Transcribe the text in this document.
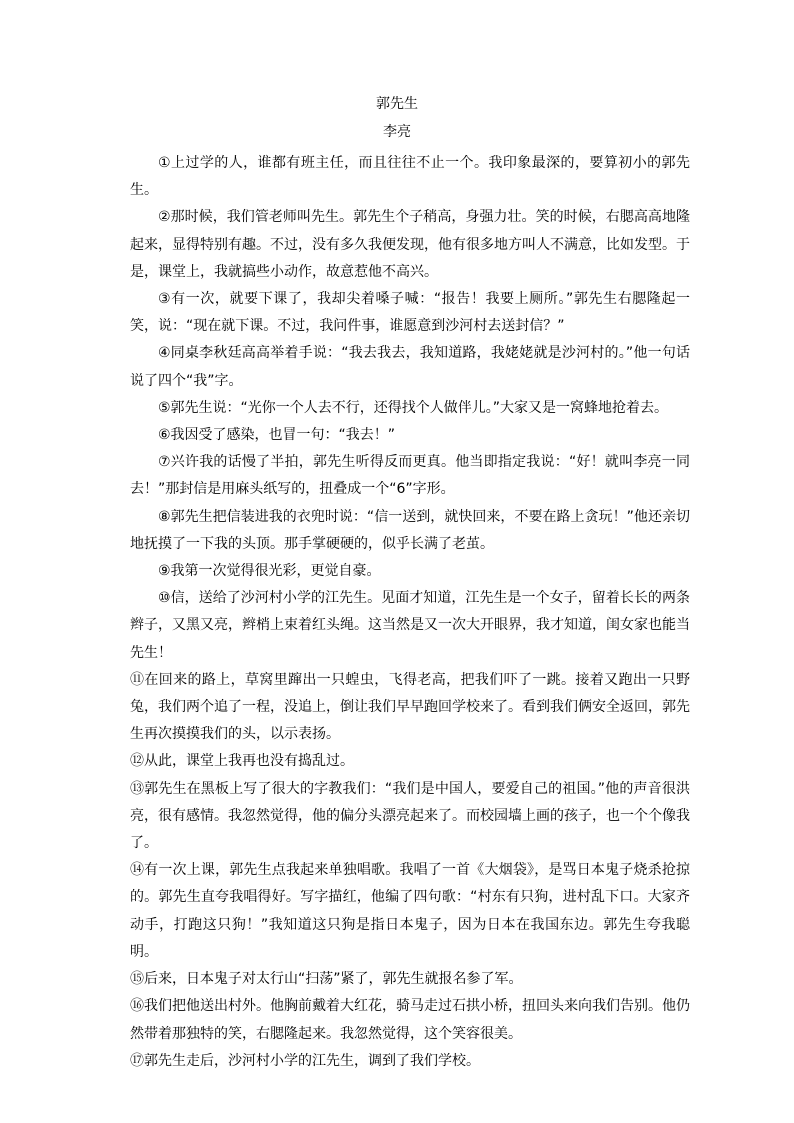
郭先生
李亮

①上过学的人，谁都有班主任，而且往往不止一个。我印象最深的，要算初小的郭先生。

②那时候，我们管老师叫先生。郭先生个子稍高，身强力壮。笑的时候，右腮高高地隆起来，显得特别有趣。不过，没有多久我便发现，他有很多地方叫人不满意，比如发型。于是，课堂上，我就搞些小动作，故意惹他不高兴。

③有一次，就要下课了，我却尖着嗓子喊：“报告！我要上厕所。”郭先生右腮隆起一笑，说：“现在就下课。不过，我问件事，谁愿意到沙河村去送封信？”

④同桌李秋廷高高举着手说：“我去我去，我知道路，我姥姥就是沙河村的。”他一句话说了四个“我”字。

⑤郭先生说：“光你一个人去不行，还得找个人做伴儿。”大家又是一窝蜂地抢着去。

⑥我因受了感染，也冒一句：“我去！”

⑦兴许我的话慢了半拍，郭先生听得反而更真。他当即指定我说：“好！就叫李亮一同去！”那封信是用麻头纸写的，扭叠成一个“6”字形。

⑧郭先生把信装进我的衣兜时说：“信一送到，就快回来，不要在路上贪玩！”他还亲切地抚摸了一下我的头顶。那手掌硬硬的，似乎长满了老茧。

⑨我第一次觉得很光彩，更觉自豪。

⑩信，送给了沙河村小学的江先生。见面才知道，江先生是一个女子，留着长长的两条辫子，又黑又亮，辫梢上束着红头绳。这当然是又一次大开眼界，我才知道，闺女家也能当先生！

⑪在回来的路上，草窝里蹿出一只蝗虫，飞得老高，把我们吓了一跳。接着又跑出一只野兔，我们两个追了一程，没追上，倒让我们早早跑回学校来了。看到我们俩安全返回，郭先生再次摸摸我们的头，以示表扬。

⑫从此，课堂上我再也没有捣乱过。

⑬郭先生在黑板上写了很大的字教我们：“我们是中国人，要爱自己的祖国。”他的声音很洪亮，很有感情。我忽然觉得，他的偏分头漂亮起来了。而校园墙上画的孩子，也一个个像我了。

⑭有一次上课，郭先生点我起来单独唱歌。我唱了一首《大烟袋》，是骂日本鬼子烧杀抢掠的。郭先生直夸我唱得好。写字描红，他编了四句歌：“村东有只狗，进村乱下口。大家齐动手，打跑这只狗！”我知道这只狗是指日本鬼子，因为日本在我国东边。郭先生夸我聪明。

⑮后来，日本鬼子对太行山“扫荡”紧了，郭先生就报名参了军。

⑯我们把他送出村外。他胸前戴着大红花，骑马走过石拱小桥，扭回头来向我们告别。他仍然带着那独特的笑，右腮隆起来。我忽然觉得，这个笑容很美。

⑰郭先生走后，沙河村小学的江先生，调到了我们学校。
